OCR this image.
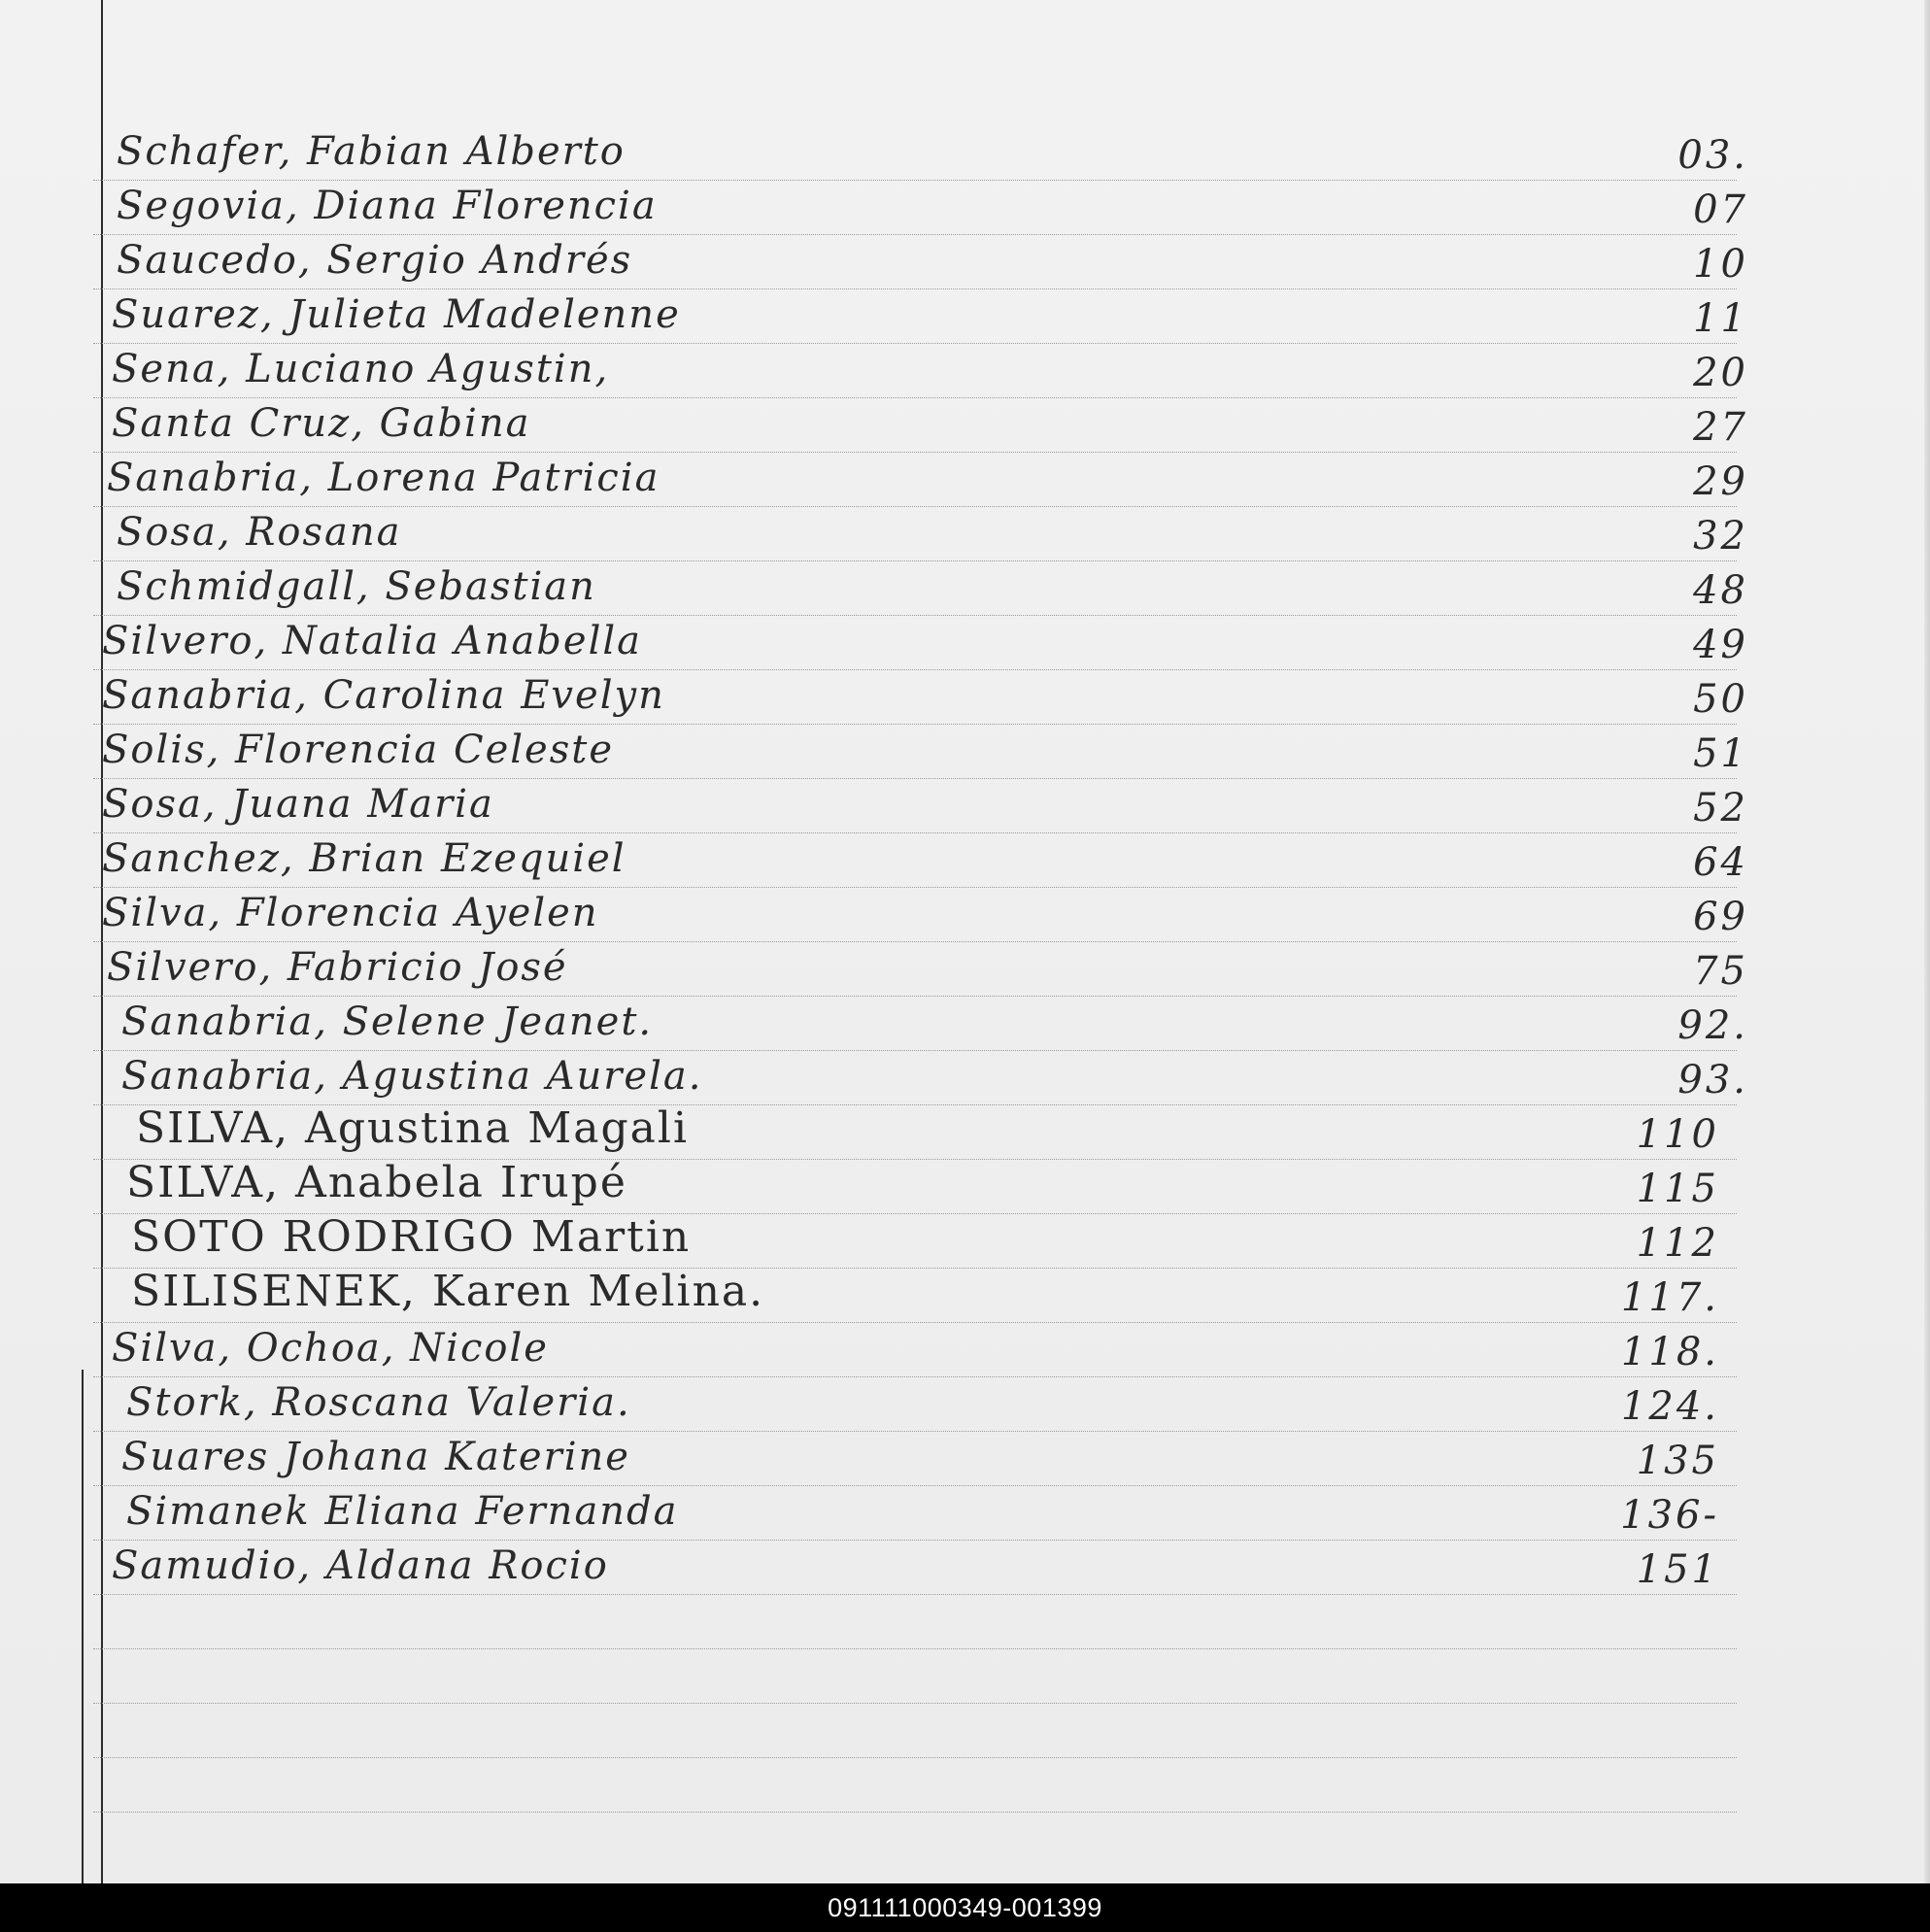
Schafer, Fabian Alberto	03.
Segovia, Diana Florencia	07
Saucedo, Sergio Andrés	10
Suarez, Julieta Madelenne	11
Sena, Luciano Agustin,	20
Santa Cruz, Gabina	27
Sanabria, Lorena Patricia	29
Sosa, Rosana	32
Schmidgall, Sebastian	48
Silvero, Natalia Anabella	49
Sanabria, Carolina Evelyn	50
Solis, Florencia Celeste	51
Sosa, Juana Maria	52
Sanchez, Brian Ezequiel	64
Silva, Florencia Ayelen	69
Silvero, Fabricio José	75
Sanabria, Selene Jeanet.	92.
Sanabria, Agustina Aurela.	93.
SILVA, Agustina Magali	110
SILVA, Anabela Irupé	115
SOTO RODRIGO Martin	112
SILISENEK, Karen Melina.	117.
Silva, Ochoa, Nicole	118.
Stork, Roscana Valeria.	124.
Suares Johana Katerine	135
Simanek Eliana Fernanda	136-
Samudio, Aldana Rocio	151
091111000349-001399
